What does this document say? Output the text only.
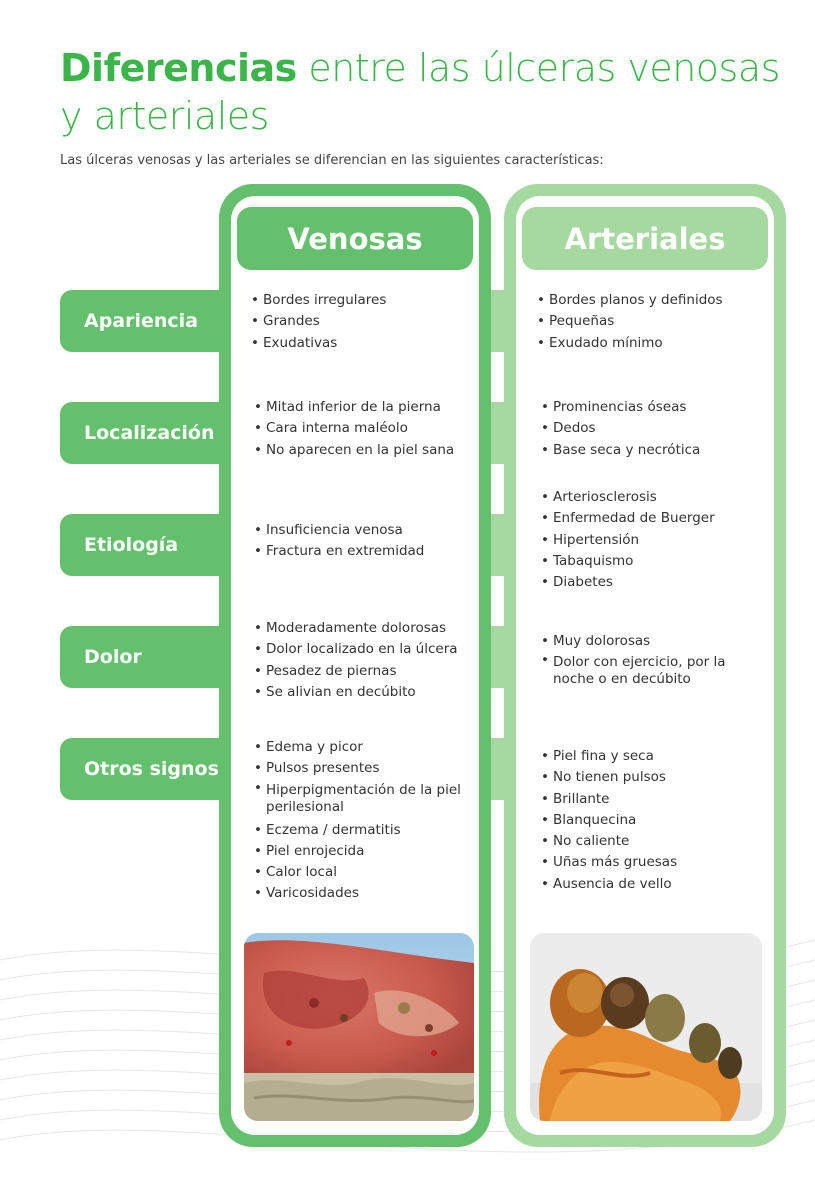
Diferencias entre las úlceras venosas y arteriales
Las úlceras venosas y las arteriales se diferencian en las siguientes características:
Venosas	Arteriales
Apariencia
Localización
Etiología
Dolor
Otros signos
• Bordes irregulares
• Grandes
• Exudativas
• Mitad inferior de la pierna
• Cara interna maléolo
• No aparecen en la piel sana
• Insuficiencia venosa
• Fractura en extremidad
• Moderadamente dolorosas
• Dolor localizado en la úlcera
• Pesadez de piernas
• Se alivian en decúbito
• Edema y picor
• Pulsos presentes
• Hiperpigmentación de la piel perilesional
• Eczema / dermatitis
• Piel enrojecida
• Calor local
• Varicosidades
• Bordes planos y definidos
• Pequeñas
• Exudado mínimo
• Prominencias óseas
• Dedos
• Base seca y necrótica
• Arteriosclerosis
• Enfermedad de Buerger
• Hipertensión
• Tabaquismo
• Diabetes
• Muy dolorosas
• Dolor con ejercicio, por la noche o en decúbito
• Piel fina y seca
• No tienen pulsos
• Brillante
• Blanquecina
• No caliente
• Uñas más gruesas
• Ausencia de vello
